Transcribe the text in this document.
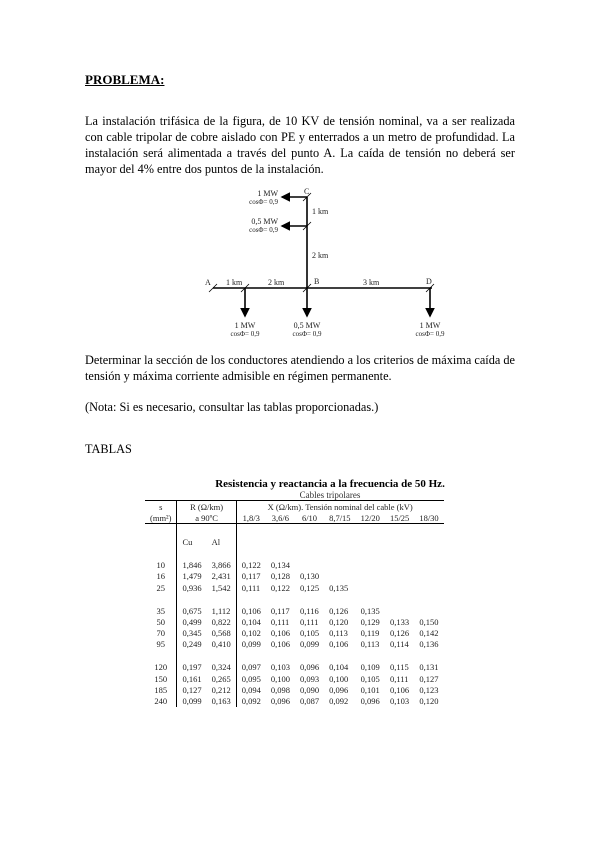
PROBLEMA:
La instalación trifásica de la figura, de 10 KV de tensión nominal, va a ser realizada con cable tripolar de cobre aislado con PE y enterrados a un metro de profundidad. La instalación será alimentada a través del punto A. La caída de tensión no deberá ser mayor del 4% entre dos puntos de la instalación.
A	B
C
D
1 km	2 km	3 km
2 km
1 km
1 MW
cosΦ= 0,9
0,5 MW
cosΦ= 0,9
1 MW
cosΦ= 0,9
0,5 MW
cosΦ= 0,9
1 MW
cosΦ= 0,9
Determinar la sección de los conductores atendiendo a los criterios de máxima caída de tensión y máxima corriente admisible en régimen permanente.
(Nota: Si es necesario, consultar las tablas proporcionadas.)
TABLAS
Resistencia y reactancia a la frecuencia de 50 Hz.
Cables tripolares
s	R (Ω/km)		X (Ω/km). Tensión nominal del cable (kV)						
(mm²)	a 90ºC		1,8/3	3,6/6	6/10	8,7/15	12/20	15/25	18/30

	Cu	Al							

10	1,846	3,866	0,122	0,134					
16	1,479	2,431	0,117	0,128	0,130				
25	0,936	1,542	0,111	0,122	0,125	0,135			

35	0,675	1,112	0,106	0,117	0,116	0,126	0,135		
50	0,499	0,822	0,104	0,111	0,111	0,120	0,129	0,133	0,150
70	0,345	0,568	0,102	0,106	0,105	0,113	0,119	0,126	0,142
95	0,249	0,410	0,099	0,106	0,099	0,106	0,113	0,114	0,136

120	0,197	0,324	0,097	0,103	0,096	0,104	0,109	0,115	0,131
150	0,161	0,265	0,095	0,100	0,093	0,100	0,105	0,111	0,127
185	0,127	0,212	0,094	0,098	0,090	0,096	0,101	0,106	0,123
240	0,099	0,163	0,092	0,096	0,087	0,092	0,096	0,103	0,120
